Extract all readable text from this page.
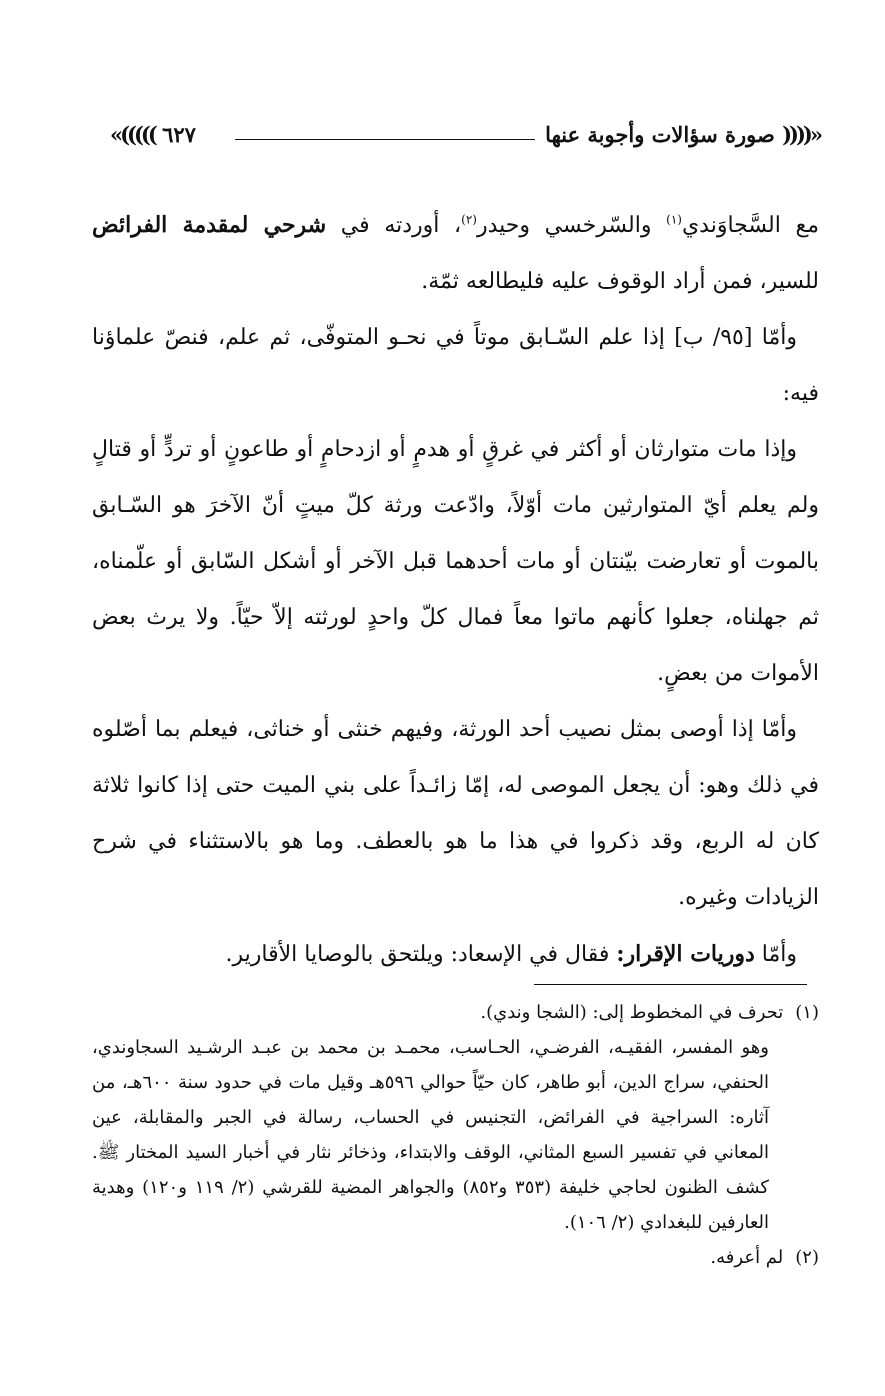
«(((( صورة سؤالات وأجوبة عنها
٦٢٧ )))))»

مع السَّجاوَندي$^{(١)}$ والسّرخسي وحيدر$^{(٢)}$، أوردته في شرحي لمقدمة الفرائض للسير، فمن أراد الوقوف عليه فليطالعه ثمّة.

وأمّا [٩٥/ ب] إذا علم السّـابق موتاً في نحـو المتوفّى، ثم علم، فنصّ علماؤنا فيه:

وإذا مات متوارثان أو أكثر في غرقٍ أو هدمٍ أو ازدحامٍ أو طاعونٍ أو تردٍّ أو قتالٍ ولم يعلم أيّ المتوارثين مات أوّلاً، وادّعت ورثة كلّ ميتٍ أنّ الآخرَ هو السّـابق بالموت أو تعارضت بيّنتان أو مات أحدهما قبل الآخر أو أشكل السّابق أو علّمناه، ثم جهلناه، جعلوا كأنهم ماتوا معاً فمال كلّ واحدٍ لورثته إلاّ حيّاً. ولا يرث بعض الأموات من بعضٍ.

وأمّا إذا أوصى بمثل نصيب أحد الورثة، وفيهم خنثى أو خناثى، فيعلم بما أصّلوه في ذلك وهو: أن يجعل الموصى له، إمّا زائـداً على بني الميت حتى إذا كانوا ثلاثة كان له الربع، وقد ذكروا في هذا ما هو بالعطف. وما هو بالاستثناء في شرح الزيادات وغيره.

وأمّا دوريات الإقرار: فقال في الإسعاد: ويلتحق بالوصايا الأقارير.

(١)تحرف في المخطوط إلى: (الشجا وندي).

وهو المفسر، الفقيـه، الفرضـي، الحـاسب، محمـد بن محمد بن عبـد الرشـيد السجاوندي، الحنفي، سراج الدين، أبو طاهر، كان حيّاً حوالي ٥٩٦هـ وقيل مات في حدود سنة ٦٠٠هـ، من آثاره: السراجية في الفرائض، التجنيس في الحساب، رسالة في الجبر والمقابلة، عين المعاني في تفسير السبع المثاني، الوقف والابتداء، وذخائر نثار في أخبار السيد المختار ﷺ. كشف الظنون لحاجي خليفة (٣٥٣ و٨٥٢) والجواهر المضية للقرشي (٢/ ١١٩ و١٢٠) وهدية العارفين للبغدادي (٢/ ١٠٦).

(٢)لم أعرفه.
